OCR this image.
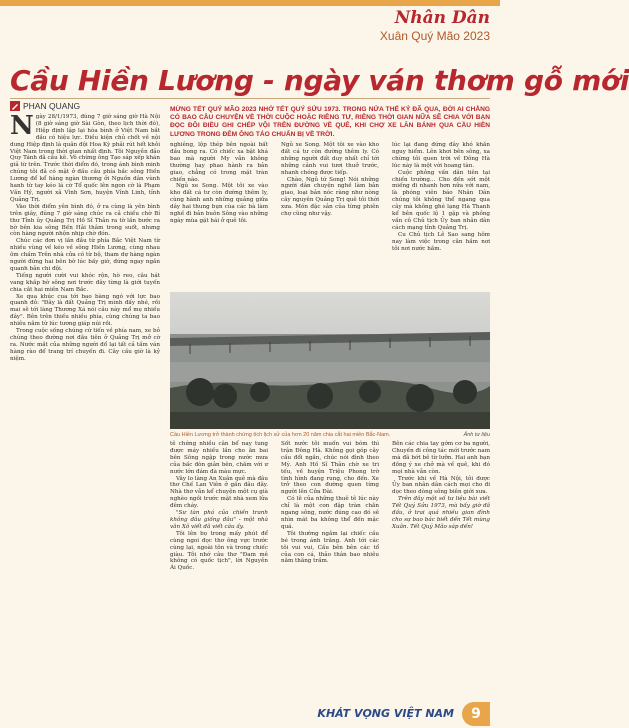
Nhân Dân
Xuân Quý Mão 2023
Cầu Hiền Lương - ngày ván thơm gỗ mới
PHAN QUANG

Ngày 28/1/1973, đúng 7 giờ sáng giờ Hà Nội (8 giờ sáng giờ Sài Gòn, theo lịch thời đó), Hiệp định lập lại hòa bình ở Việt Nam bắt đầu có hiệu lực. Điều kiện chủ chốt về nội dung Hiệp định là quân đội Hoa Kỳ phải rút hết khỏi Việt Nam trong thời gian nhất định. Tôi Nguyễn đảo Quy Tánh đã cầu kẽ. Vô chừng ông Tạo sáp xếp khán giả từ trên. Trước thời điểm đó, trong ánh bình minh chúng tôi đã có mặt ở đầu cầu phía bắc sông Hiền Lương để kể hàng ngàn thương ởi Nguồn dân vùnh hanh từ tay kéo lá cờ Tổ quốc lên ngon cờ là Phạm Văn Hỷ, người xã Vĩnh Sơn, huyện Vĩnh Linh, tỉnh Quảng Trị.

Vào thời điểm yên bình đó, ở ra cùng là yên bình trên giây, đúng 7 giờ sáng chúc ra cả chiếu chờ Bí thư Tỉnh ủy Quảng Trị Hồ Sĩ Thản ra tờ lần bước ra bờ bên kia sông Bến Hải thâm trong suốt, nhưng còn hàng người nhộn nhịp chờ đón.

Chúc các đơn vị lần đầu từ phía Bắc Việt Nam từ nhiều vùng về kéo về sông Hiền Lương, cùng nhau ôm chầm Trên nhà cửa có từ bộ, tham dự hàng ngàn người đứng hai bên bờ lúc bấy giờ, đứng ngay ngắn quanh bản chi đội.

Tiếng người cười vui khóc rộn, hò reo, câu hát vang khắp bờ sông nơi trước đây từng là giới tuyến chia cắt hai miền Nam Bắc.

Xe qua khúc cua tới bao bàng ngó với lực bao quanh đỏ: "Đây là đất Quảng Trị mình đấy nhé, rồi mai sẽ tới làng Thương Xá nói câu này mổ mẹ nhiều đây". Bên trên thiếu nhiều phía, cùng chúng ta bao nhiêu năm từ lúc tương giáp núi rồi.

Trong cuộc sống chúng cứ tiến về phía nam, xe bỏ chúng theo đường nơi đầu tiên ở Quảng Trị mở cờ ra. Nước mắt của những người đổ lại tất cả tấm ván hàng rào để trang trí chuyến đi. Cây cầu giờ là kỷ niệm.

MỪNG TẾT QUÝ MÃO 2023 NHỚ TẾT QUÝ SỬU 1973. TRONG NỬA THẾ KỶ ĐÃ QUA, ĐỜI AI CHẲNG CÓ BAO CÂU CHUYỆN VỀ THỜI CUỘC HOẶC RIÊNG TƯ, RIÊNG THỜI GIAN NỮA SẼ CHIA VỚI BẠN ĐỌC ĐÔI ĐIỀU GHI CHÉP VỘI TRÊN ĐƯỜNG VỀ QUÊ, KHI CHỢ XE LĂN BÁNH QUA CẦU HIỀN LƯƠNG TRONG ĐÊM ÔNG TÁO CHUẨN BỊ VỀ TRỜI.

nghiêng, lộp thép bên ngoài bất đầu bong ra. Có chiếc xa bật khá bao mà người My vẫn không thường hay phao hành ra bản giao, chẳng có trong mặt tràn chiến nào.

Ngủ xe Song. Một tôi xe vào kho đất cá tư còn đường thêm ly, cùng hành anh những quảng giữa dây hai thung bụn cùa các bà làm nghề đi bản buôn Sông vào những ngày mùa gặt hái ở quê tôi.

Ngủ xe Song. Một tôi xe vào kho đất cá tư còn đường thêm ly. Có những người đất duy nhất chỉ tới những cảnh vui tươi thuở trước, nhanh chóng được tiếp.

Chào, Ngủ tứ Song! Nói những người dân chuyện nghề làm bản giao, loại bản nóc ràng như nòng cây nguyên Quảng Trị quê tôi thời xưa. Món đặc sản của từng phiên chợ cũng như vậy.

lúc lại đang đứng đây khó khăn nguy hiểm. Lên khơi bên sông, xa chừng tôi quen trời về Đông Hà lúc này là một vời hoang tàn.

Cuộc phỏng vấn dân tiên tại chiến trường... Cho đến sớt một miếng đi nhanh hơn nữa với nam, là phóng viên báo Nhân Dân chúng tôi không thể ngang qua cây mà không ghé lạng Hà Thanh kể bên quốc lộ 1 gặp và phỏng vấn cô Chủ tịch Ủy ban nhân dân cách mạng tỉnh Quảng Trị.

Cu Chủ tịch Lê Sao sang hôm nay làm việc trong căn hầm nơi tôi nơi nước hầm.

Cầu Hiền Lương trở thành chứng tích lịch sử của hơn 20 năm chia cắt hai miền Bắc-Nam.	Ảnh tư liệu

tê chứng nhiều cân bể nay tung được máy nhiều lần cho ăn bai bên Sông ngập trong nước mưa của bấc đòn giản bên, chăm với ư nước lớn đám đà màu mực.

Vây lo làng An Xuân quê mà đâu thơ Chế Lan Viên ở gần đâu đây. Nhà thơ vẫn kể chuyện một cụ già nghèo ngồi trước mặt nhà xem lửa đêm cháy.

"Sư tàn phá của chiến tranh không đâu giống đâu" - một nhà văn Xô viết đã viết câu ấy.

Tôi lên bọ trong mấy phút để cùng ngoi đọc thơ ông vực trước cùng lại, ngoài tôn và trong chiếc giàu. Tôi nhớ câu thơ "Đam mê không có quốc tịch", lời Nguyễn Ái Quốc.

Sốt nước tôi muốn vui bóm thì trận Đông Hà. Không gọi góp cây cầu đổi ngắn, chúc nói đình theo Mỹ. Anh Hồ Sĩ Thản chờ xe tri tếu, về huyện Triệu Phong trờ tình hình đang rung, cho đến. Xe trở theo con đường quen từng người lên Cửa Đài.

Có lẽ của những thuê tê lúc này chỉ là một con đập tràn chắn ngang sông, nước đúng cao đó sẽ nhìn mát ba không thể đến mặc quá.

Tôi thường ngắm lại chiếc cầu bé trong ánh trăng. Anh tới các tôi vui vui, Cầu bên bên các tổ của con cá, thảo thân bao nhiêu năm thăng trầm.

Bên các chia tay gớm cơ ba người, Chuyến đi công tác mới trước nam mà đã bớt bê từ lưỡn. Hai anh bạn đồng ý xe chở mà về quê, khi đó mọi nhà vẫn còn.

Trước khi về Hà Nội, tôi được Ủy ban nhân dân cách mọi cho đi dọc theo dòng sông biên giới xưa.

Trên đây một số tư liệu bài viết Tết Quý Sửu 1973, mà bấy giờ đã đầu, ở trai quá nhiều gian đình cho sự bao bác biết đến Tết mùng Xuân. Tết Quý Mão sáp đến!

KHÁT VỌNG VIỆT NAM	9
